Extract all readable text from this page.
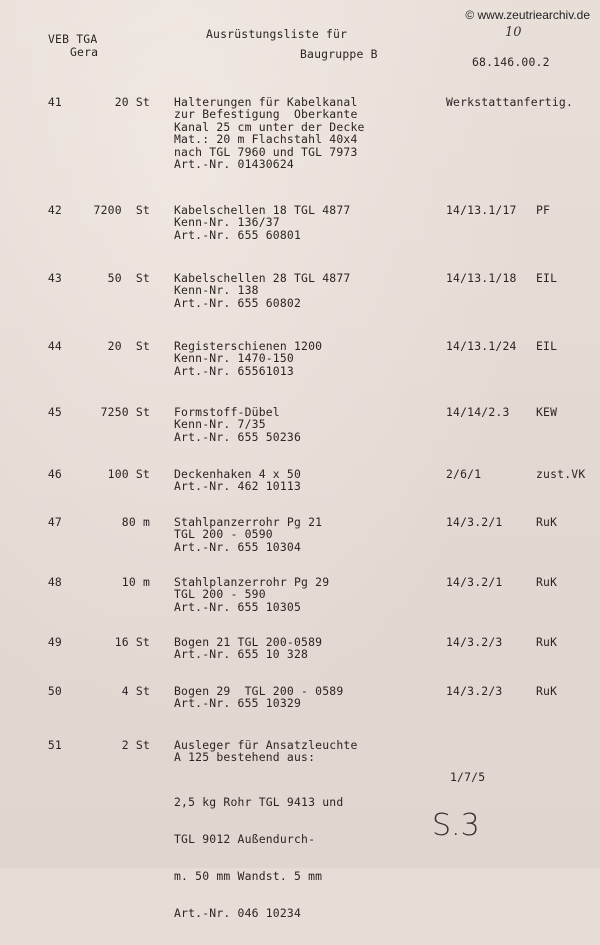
© www.zeutriearchiv.de
VEB TGA
Gera
Ausrüstungsliste für
Baugruppe B
10
68.146.00.2
41	20 St Halterungen für Kabelkanal
zur Befestigung  Oberkante
Kanal 25 cm unter der Decke
Mat.: 20 m Flachstahl 40x4
nach TGL 7960 und TGL 7973
Art.-Nr. 01430624
Werkstattanfertig.
42	7200  St Kabelschellen 18 TGL 4877
Kenn-Nr. 136/37
Art.-Nr. 655 60801
14/13.1/17 PF
43	50  St Kabelschellen 28 TGL 4877
Kenn-Nr. 138
Art.-Nr. 655 60802
14/13.1/18 EIL
44	20  St Registerschienen 1200
Kenn-Nr. 1470-150
Art.-Nr. 65561013
14/13.1/24 EIL
45	7250 St Formstoff-Dübel
Kenn-Nr. 7/35
Art.-Nr. 655 50236
14/14/2.3 KEW
46	100 St Deckenhaken 4 x 50
Art.-Nr. 462 10113
2/6/1	zust.VK
47	80 m Stahlpanzerrohr Pg 21
TGL 200 - 0590
Art.-Nr. 655 10304
14/3.2/1	RuK
48	10 m Stahlplanzerrohr Pg 29
TGL 200 - 590
Art.-Nr. 655 10305
14/3.2/1	RuK
49	16 St Bogen 21 TGL 200-0589
Art.-Nr. 655 10 328
14/3.2/3	RuK
50	4 St Bogen 29  TGL 200 - 0589
Art.-Nr. 655 10329
14/3.2/3	RuK
51	2 St Ausleger für Ansatzleuchte
A 125 bestehend aus:

2,5 kg Rohr TGL 9413 und

TGL 9012 Außendurch-

m. 50 mm Wandst. 5 mm

Art.-Nr. 046 10234

1/7/5
S.3
